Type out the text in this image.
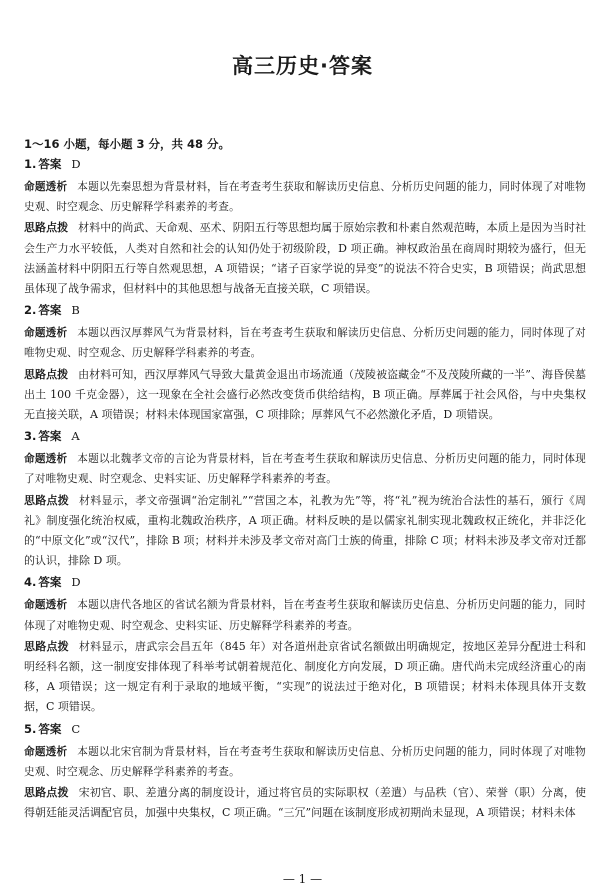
高三历史·答案
1～16 小题，每小题 3 分，共 48 分。
1. 答案 D
命题透析 本题以先秦思想为背景材料，旨在考查考生获取和解读历史信息、分析历史问题的能力，同时体现了对唯物史观、时空观念、历史解释学科素养的考查。
思路点拨 材料中的尚武、天命观、巫术、阴阳五行等思想均属于原始宗教和朴素自然观范畴，本质上是因为当时社会生产力水平较低，人类对自然和社会的认知仍处于初级阶段，D 项正确。神权政治虽在商周时期较为盛行，但无法涵盖材料中阴阳五行等自然观思想，A 项错误；“诸子百家学说的异变”的说法不符合史实，B 项错误；尚武思想虽体现了战争需求，但材料中的其他思想与战备无直接关联，C 项错误。
2. 答案 B
命题透析 本题以西汉厚葬风气为背景材料，旨在考查考生获取和解读历史信息、分析历史问题的能力，同时体现了对唯物史观、时空观念、历史解释学科素养的考查。
思路点拨 由材料可知，西汉厚葬风气导致大量黄金退出市场流通（茂陵被盗藏金“不及茂陵所藏的一半”、海昏侯墓出土 100 千克金器），这一现象在全社会盛行必然改变货币供给结构，B 项正确。厚葬属于社会风俗，与中央集权无直接关联，A 项错误；材料未体现国家富强，C 项排除；厚葬风气不必然激化矛盾，D 项错误。
3. 答案 A
命题透析 本题以北魏孝文帝的言论为背景材料，旨在考查考生获取和解读历史信息、分析历史问题的能力，同时体现了对唯物史观、时空观念、史料实证、历史解释学科素养的考查。
思路点拨 材料显示，孝文帝强调“治定制礼”“营国之本，礼教为先”等，将“礼”视为统治合法性的基石，颁行《周礼》制度强化统治权威，重构北魏政治秩序，A 项正确。材料反映的是以儒家礼制实现北魏政权正统化，并非泛化的“中原文化”或“汉代”，排除 B 项；材料并未涉及孝文帝对高门士族的倚重，排除 C 项；材料未涉及孝文帝对迁都的认识，排除 D 项。
4. 答案 D
命题透析 本题以唐代各地区的省试名额为背景材料，旨在考查考生获取和解读历史信息、分析历史问题的能力，同时体现了对唯物史观、时空观念、史料实证、历史解释学科素养的考查。
思路点拨 材料显示，唐武宗会昌五年（845 年）对各道州赴京省试名额做出明确规定，按地区差异分配进士科和明经科名额，这一制度安排体现了科举考试朝着规范化、制度化方向发展，D 项正确。唐代尚未完成经济重心的南移，A 项错误；这一规定有利于录取的地域平衡，“实现”的说法过于绝对化，B 项错误；材料未体现具体开支数据，C 项错误。
5. 答案 C
命题透析 本题以北宋官制为背景材料，旨在考查考生获取和解读历史信息、分析历史问题的能力，同时体现了对唯物史观、时空观念、历史解释学科素养的考查。
思路点拨 宋初官、职、差遣分离的制度设计，通过将官员的实际职权（差遣）与品秩（官）、荣誉（职）分离，使得朝廷能灵活调配官员，加强中央集权，C 项正确。“三冗”问题在该制度形成初期尚未显现，A 项错误；材料未体
— 1 —
